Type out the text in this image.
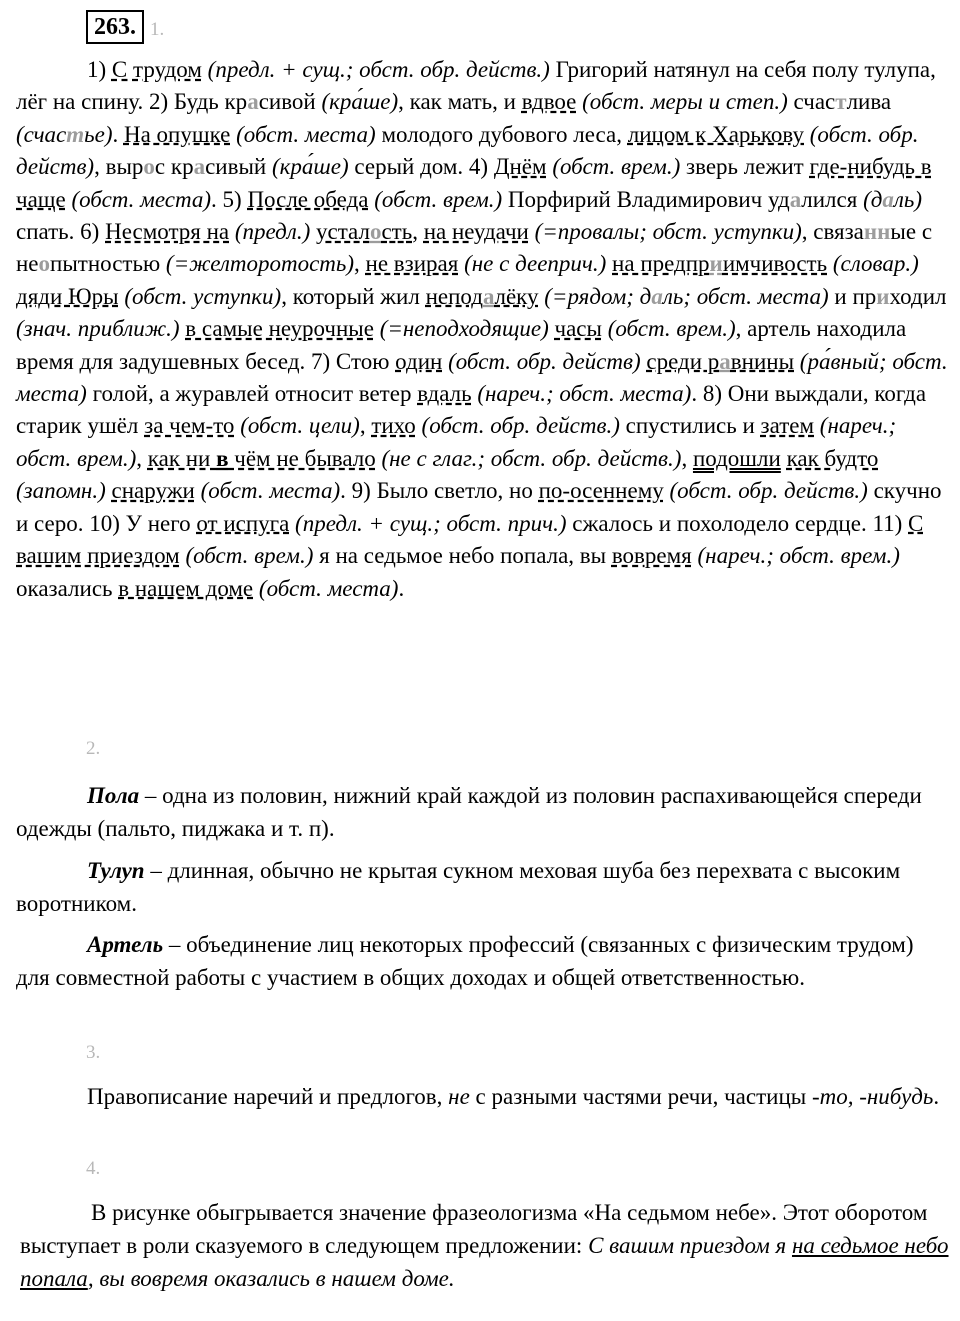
263. 1.
1) С трудом (предл. + сущ.; обст. обр. действ.) Григорий натянул на себя полу тулупа, лёг на спину. 2) Будь красивой (кра́ше), как мать, и вдвое (обст. меры и степ.) счастлива (счастье). На опушке (обст. места) молодого дубового леса, лицом к Харькову (обст. обр. действ), вырос красивый (кра́ше) серый дом. 4) Днём (обст. врем.) зверь лежит где-нибудь в чаще (обст. места). 5) После обеда (обст. врем.) Порфирий Владимирович удалился (даль) спать. 6) Несмотря на (предл.) усталость, на неудачи (=провалы; обст. уступки), связанные с неопытностью (=желторотость), не взирая (не с дееприч.) на предприимчивость (словар.) дяди Юры (обст. уступки), который жил неподалёку (=рядом; даль; обст. места) и приходил (знач. приближ.) в самые неурочные (=неподходящие) часы (обст. врем.), артель находила время для задушевных бесед. 7) Стою один (обст. обр. действ) среди равнины (ра́вный; обст. места) голой, а журавлей относит ветер вдаль (нареч.; обст. места). 8) Они выждали, когда старик ушёл за чем-то (обст. цели), тихо (обст. обр. действ.) спустились и затем (нареч.; обст. врем.), как ни в чём не бывало (не с глаг.; обст. обр. действ.), подошли как будто (запомн.) снаружи (обст. места). 9) Было светло, но по-осеннему (обст. обр. действ.) скучно и серо. 10) У него от испуга (предл. + сущ.; обст. прич.) сжалось и похолодело сердце. 11) С вашим приездом (обст. врем.) я на седьмое небо попала, вы вовремя (нареч.; обст. врем.) оказались в нашем доме (обст. места).
2.

Пола – одна из половин, нижний край каждой из половин распахивающейся спереди одежды (пальто, пиджака и т. п).

Тулуп – длинная, обычно не крытая сукном меховая шуба без перехвата с высоким воротником.

Артель – объединение лиц некоторых профессий (связанных с физическим трудом) для совместной работы с участием в общих доходах и общей ответственностью.

3.

Правописание наречий и предлогов, не с разными частями речи, частицы -то, -нибудь.

4.

В рисунке обыгрывается значение фразеологизма «На седьмом небе». Этот оборотом выступает в роли сказуемого в следующем предложении: С вашим приездом я на седьмое небо попала, вы вовремя оказались в нашем доме.
